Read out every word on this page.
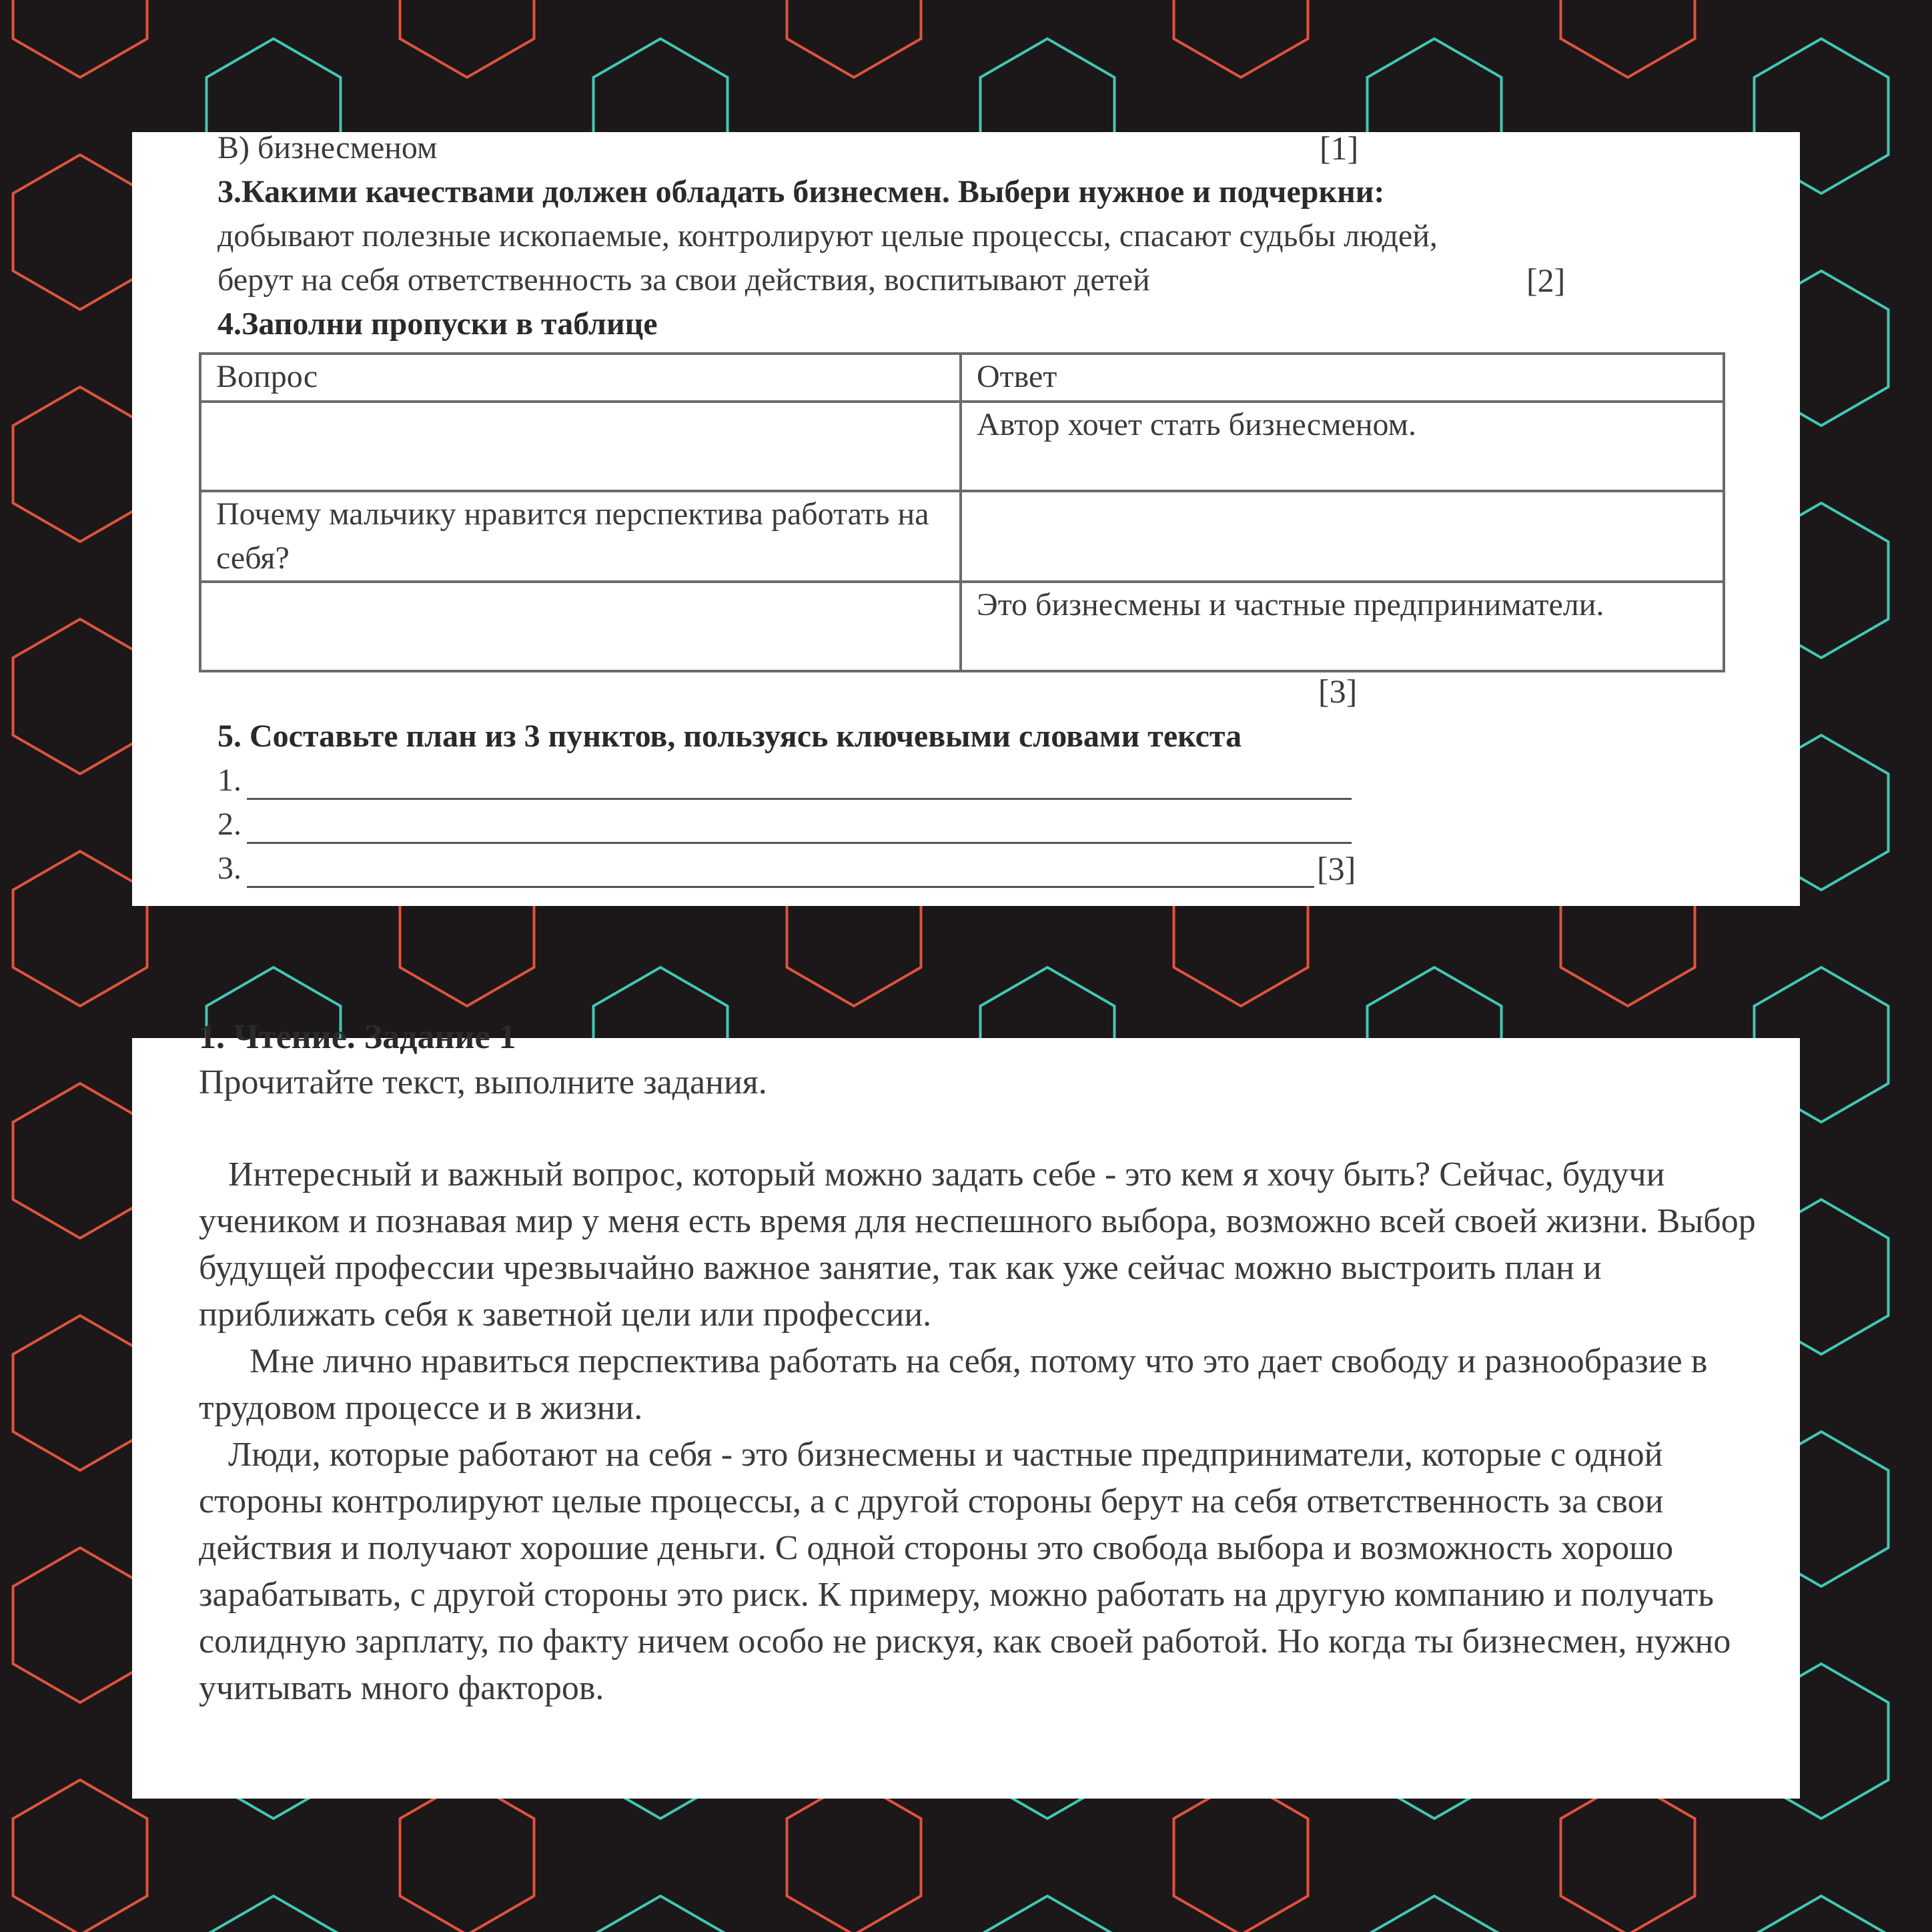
В) бизнесменом	[1]
3.Какими качествами должен обладать бизнесмен. Выбери нужное и подчеркни:
добывают полезные ископаемые, контролируют целые процессы, спасают судьбы людей,
берут на себя ответственность за свои действия, воспитывают детей	[2]
4.Заполни пропуски в таблице
Вопрос	Ответ
	Автор хочет стать бизнесменом.
Почему мальчику нравится перспектива работать на себя?	
	Это бизнесмены и частные предприниматели.
[3]
5. Составьте план из 3 пунктов, пользуясь ключевыми словами текста
1.
2.
3.	[3]
1. Чтение. Задание 1
Прочитайте текст, выполните задания.
Интересный и важный вопрос, который можно задать себе - это кем я хочу быть? Сейчас, будучи учеником и познавая мир у меня есть время для неспешного выбора, возможно всей своей жизни. Выбор будущей профессии чрезвычайно важное занятие, так как уже сейчас можно выстроить план и приближать себя к заветной цели или профессии.
Мне лично нравиться перспектива работать на себя, потому что это дает свободу и разнообразие в трудовом процессе и в жизни.
Люди, которые работают на себя - это бизнесмены и частные предприниматели, которые с одной стороны контролируют целые процессы, а с другой стороны берут на себя ответственность за свои действия и получают хорошие деньги. С одной стороны это свобода выбора и возможность хорошо зарабатывать, с другой стороны это риск. К примеру, можно работать на другую компанию и получать солидную зарплату, по факту ничем особо не рискуя, как своей работой. Но когда ты бизнесмен, нужно учитывать много факторов.
